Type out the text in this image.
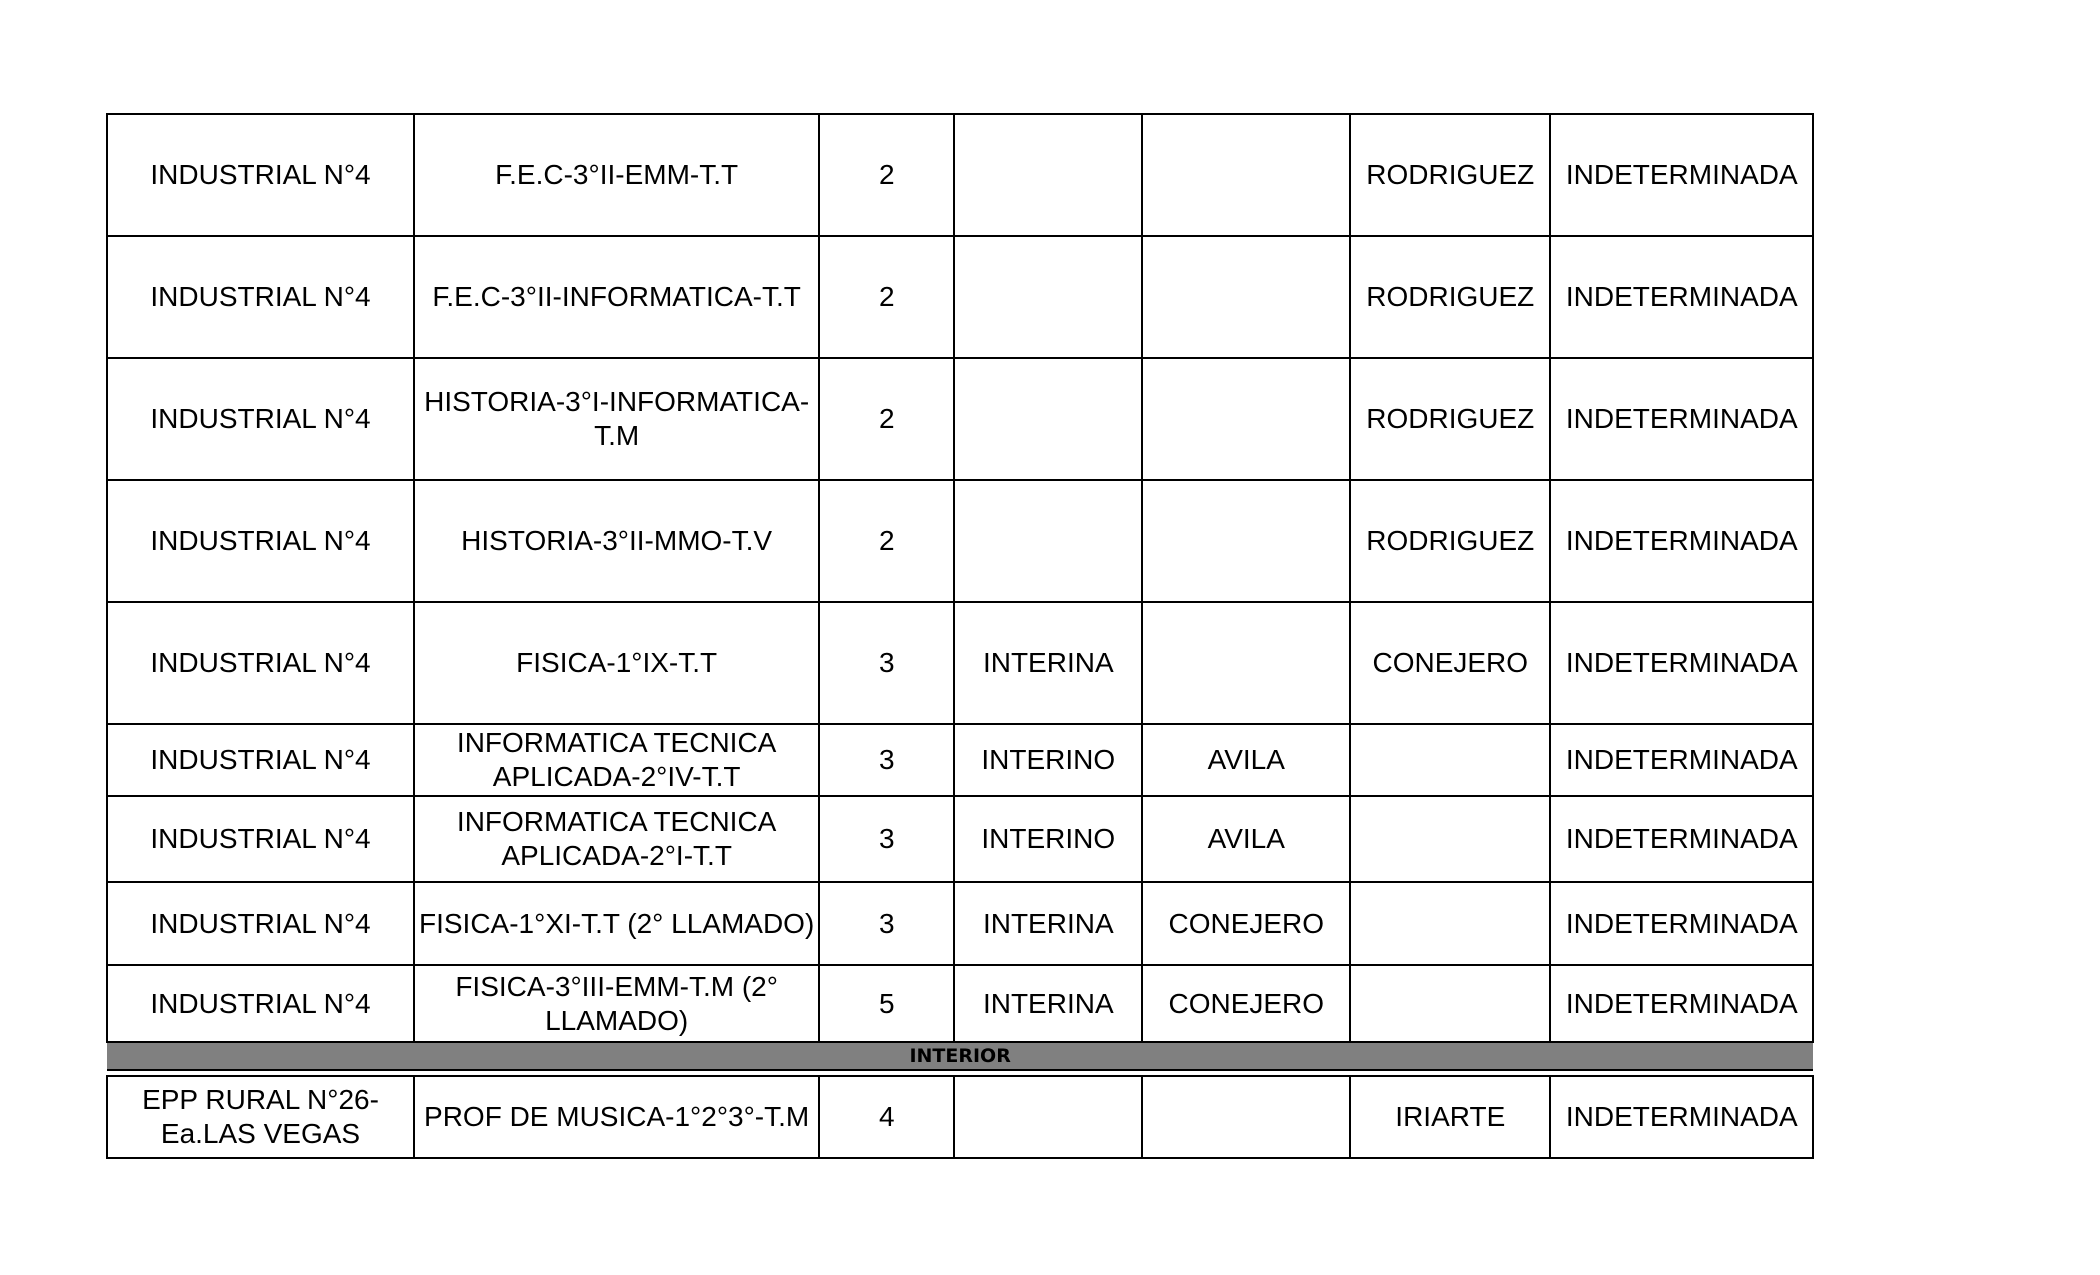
INDUSTRIAL N°4	F.E.C-3°II-EMM-T.T	2			RODRIGUEZ	INDETERMINADA
INDUSTRIAL N°4	F.E.C-3°II-INFORMATICA-T.T	2			RODRIGUEZ	INDETERMINADA
INDUSTRIAL N°4	HISTORIA-3°I-INFORMATICA-T.M	2			RODRIGUEZ	INDETERMINADA
INDUSTRIAL N°4	HISTORIA-3°II-MMO-T.V	2			RODRIGUEZ	INDETERMINADA
INDUSTRIAL N°4	FISICA-1°IX-T.T	3	INTERINA		CONEJERO	INDETERMINADA
INDUSTRIAL N°4	INFORMATICA TECNICA APLICADA-2°IV-T.T	3	INTERINO	AVILA		INDETERMINADA
INDUSTRIAL N°4	INFORMATICA TECNICA APLICADA-2°I-T.T	3	INTERINO	AVILA		INDETERMINADA
INDUSTRIAL N°4	FISICA-1°XI-T.T (2° LLAMADO)	3	INTERINA	CONEJERO		INDETERMINADA
INDUSTRIAL N°4	FISICA-3°III-EMM-T.M (2° LLAMADO)	5	INTERINA	CONEJERO		INDETERMINADA
INTERIOR						

EPP RURAL N°26-Ea.LAS VEGAS	PROF DE MUSICA-1°2°3°-T.M	4			IRIARTE	INDETERMINADA
